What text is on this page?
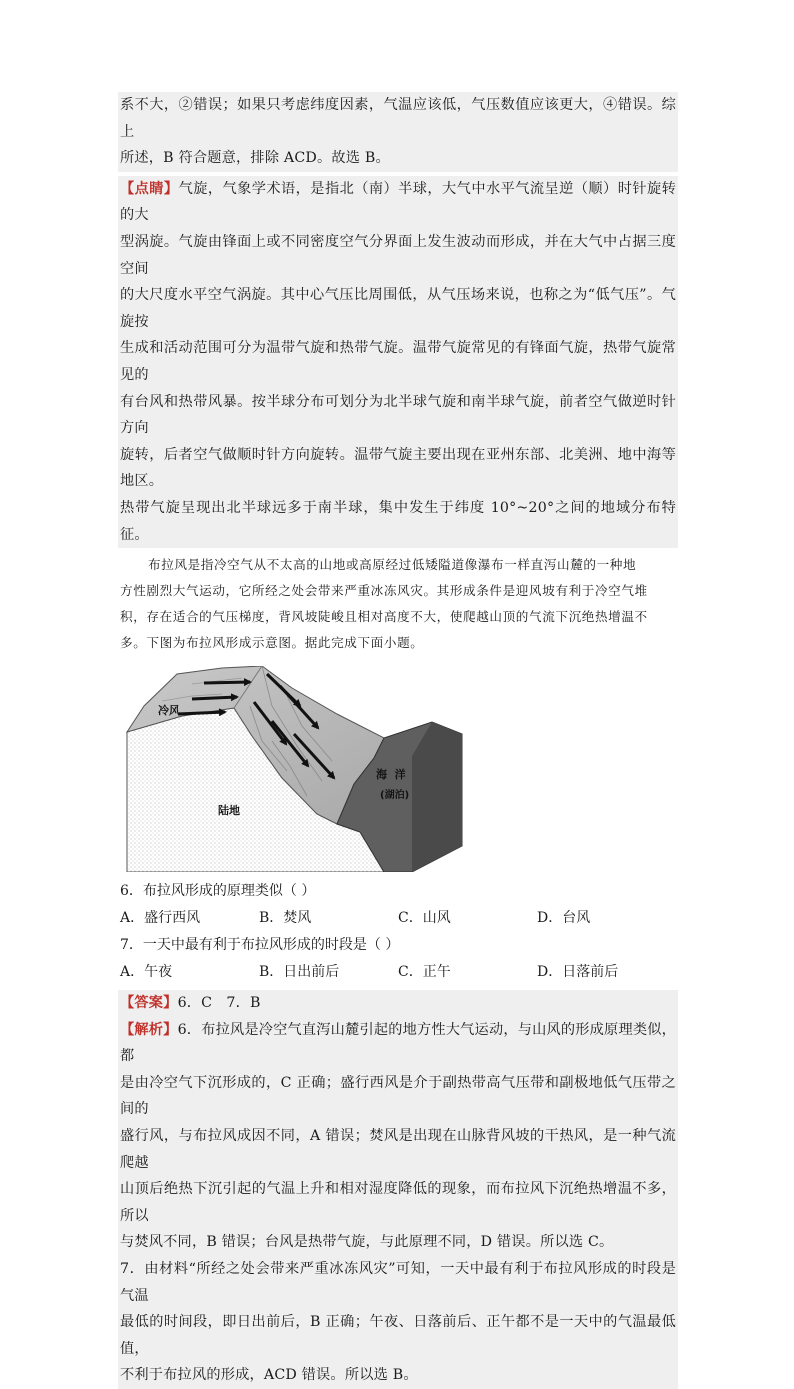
系不大，②错误；如果只考虑纬度因素，气温应该低，气压数值应该更大，④错误。综上

所述，B 符合题意，排除 ACD。故选 B。

【点睛】气旋，气象学术语，是指北（南）半球，大气中水平气流呈逆（顺）时针旋转的大

型涡旋。气旋由锋面上或不同密度空气分界面上发生波动而形成，并在大气中占据三度空间

的大尺度水平空气涡旋。其中心气压比周围低，从气压场来说，也称之为“低气压”。气旋按

生成和活动范围可分为温带气旋和热带气旋。温带气旋常见的有锋面气旋，热带气旋常见的

有台风和热带风暴。按半球分布可划分为北半球气旋和南半球气旋，前者空气做逆时针方向

旋转，后者空气做顺时针方向旋转。温带气旋主要出现在亚州东部、北美洲、地中海等地区。

热带气旋呈现出北半球远多于南半球，集中发生于纬度 10°~20°之间的地域分布特征。

布拉风是指冷空气从不太高的山地或高原经过低矮隘道像瀑布一样直泻山麓的一种地

方性剧烈大气运动，它所经之处会带来严重冰冻风灾。其形成条件是迎风坡有利于冷空气堆

积，存在适合的气压梯度，背风坡陡峻且相对高度不大，使爬越山顶的气流下沉绝热增温不

多。下图为布拉风形成示意图。据此完成下面小题。

冷风
陆地
海  洋
(湖泊)

6．布拉风形成的原理类似（ ）

A．盛行西风	B．焚风	C．山风	D．台风

7．一天中最有利于布拉风形成的时段是（ ）

A．午夜	B．日出前后	C．正午	D．日落前后

【答案】6．C   7．B

【解析】6．布拉风是冷空气直泻山麓引起的地方性大气运动，与山风的形成原理类似，都

是由冷空气下沉形成的，C 正确；盛行西风是介于副热带高气压带和副极地低气压带之间的

盛行风，与布拉风成因不同，A 错误；焚风是出现在山脉背风坡的干热风，是一种气流爬越

山顶后绝热下沉引起的气温上升和相对湿度降低的现象，而布拉风下沉绝热增温不多，所以

与焚风不同，B 错误；台风是热带气旋，与此原理不同，D 错误。所以选 C。

7．由材料“所经之处会带来严重冰冻风灾”可知，一天中最有利于布拉风形成的时段是气温

最低的时间段，即日出前后，B 正确；午夜、日落前后、正午都不是一天中的气温最低值，

不利于布拉风的形成，ACD 错误。所以选 B。
